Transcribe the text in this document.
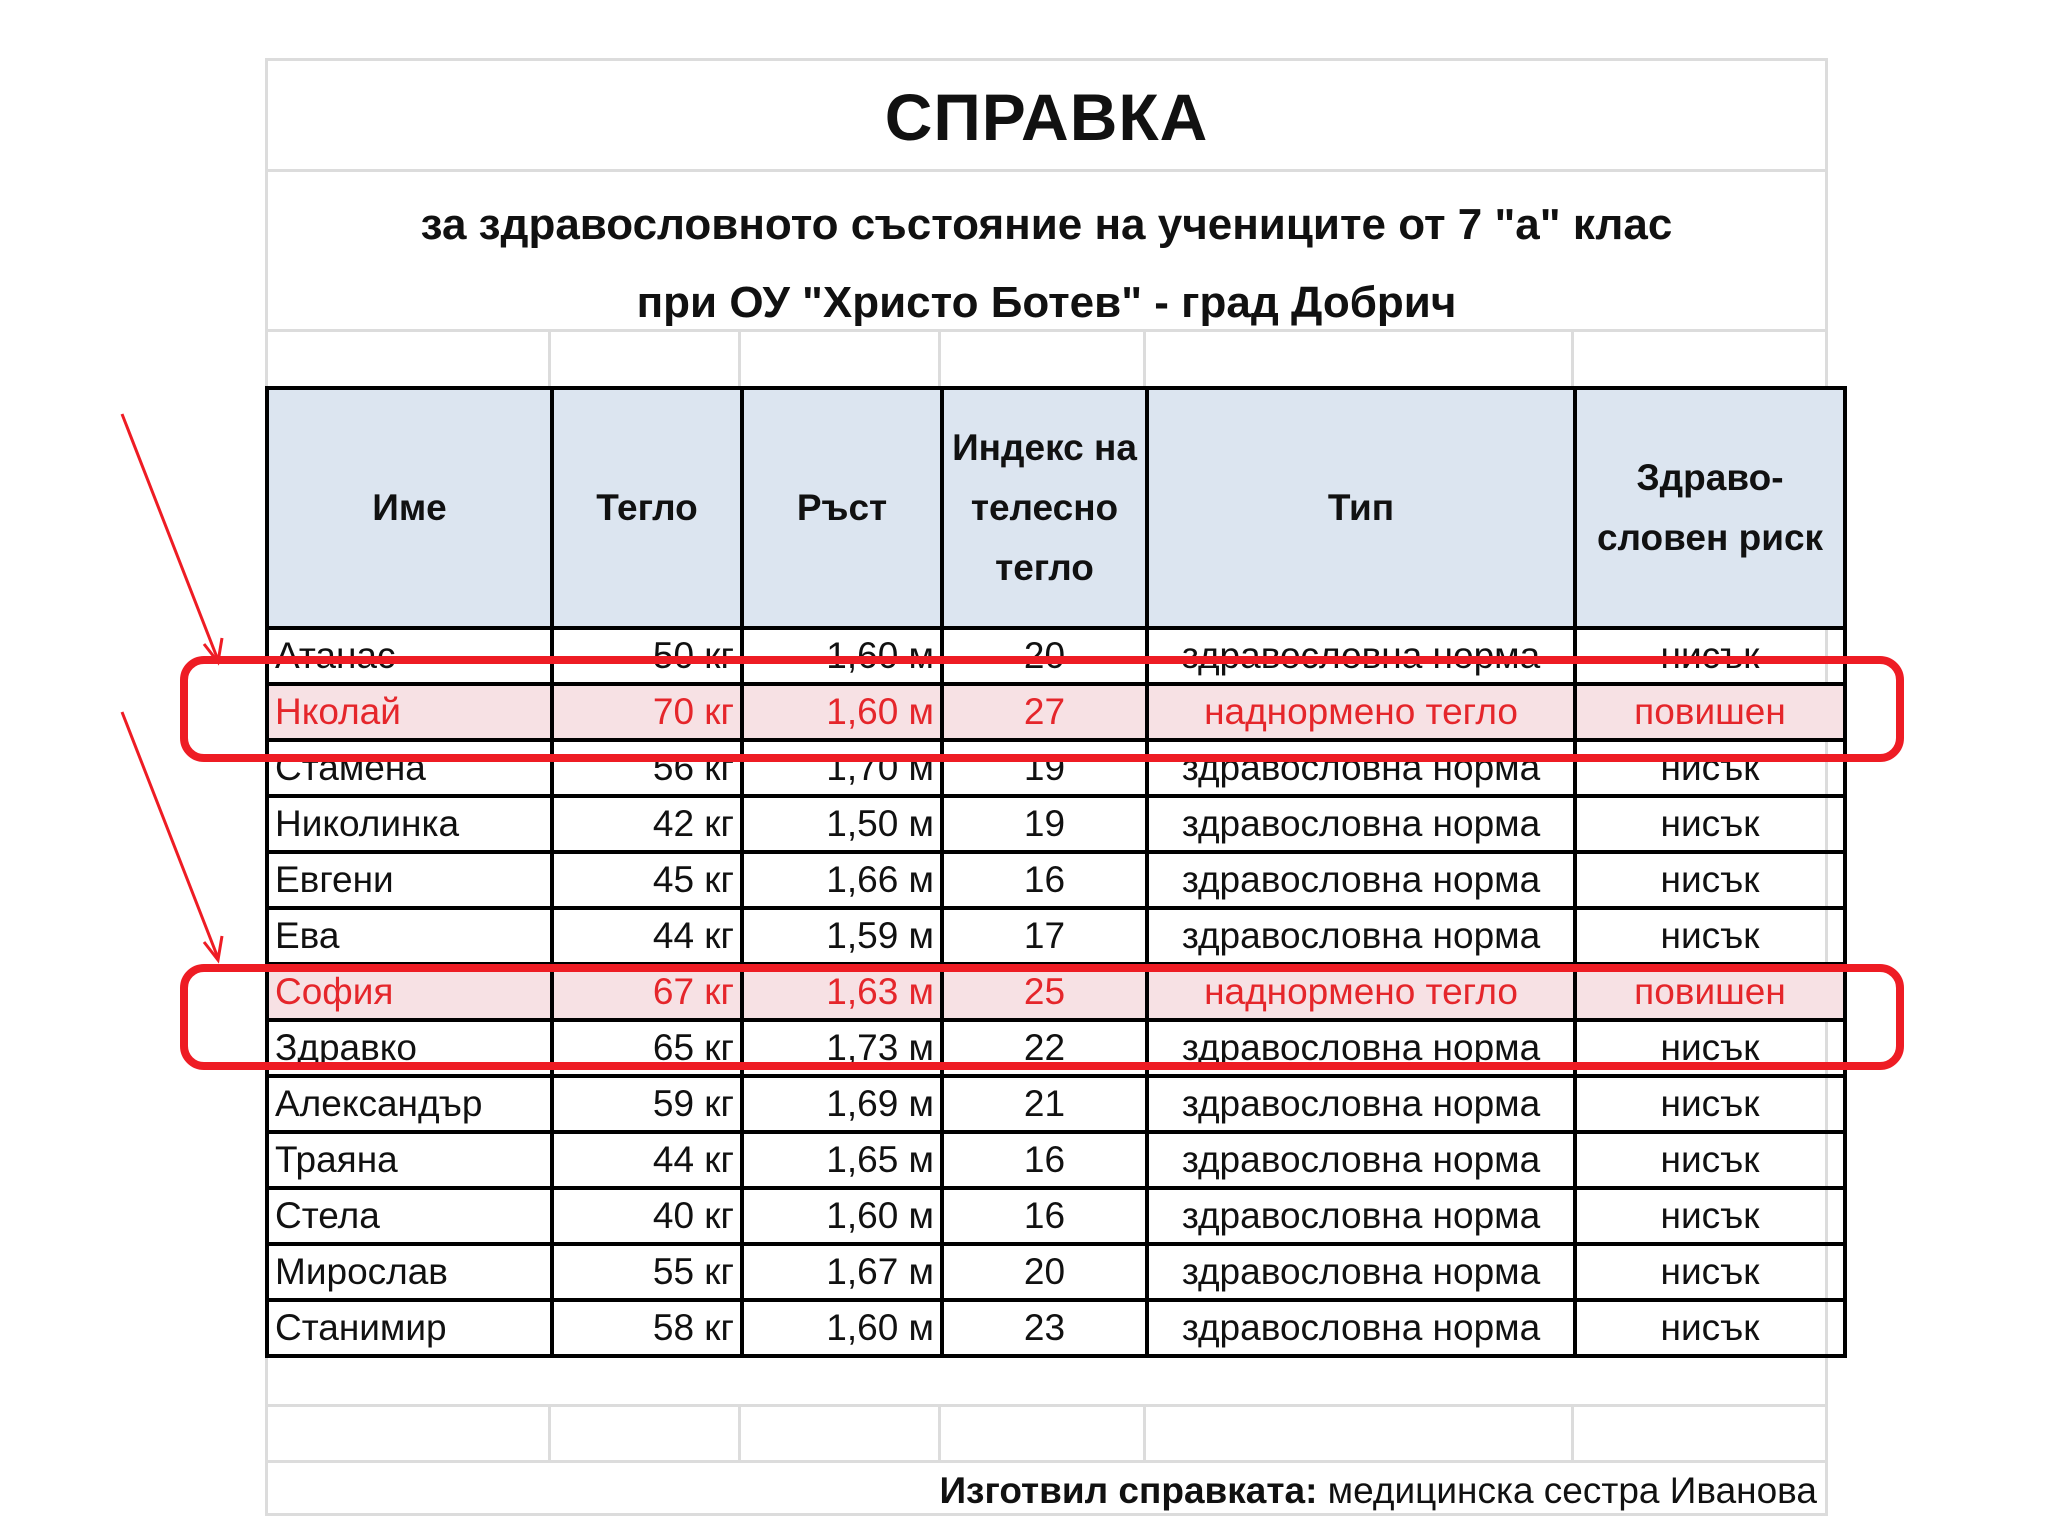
СПРАВКА
за здравословното състояние на учениците от 7 "а" клас
при ОУ "Христо Ботев" - град Добрич
Изготвил справката: медицинска сестра Иванова
Име	Тегло	Ръст	Индекс на телесно тегло	Тип	Здраво- словен риск
Атанас	50 кг	1,60 м	20	здравословна норма	нисък
Нколай	70 кг	1,60 м	27	наднормено тегло	повишен
Стамена	56 кг	1,70 м	19	здравословна норма	нисък
Николинка	42 кг	1,50 м	19	здравословна норма	нисък
Евгени	45 кг	1,66 м	16	здравословна норма	нисък
Ева	44 кг	1,59 м	17	здравословна норма	нисък
София	67 кг	1,63 м	25	наднормено тегло	повишен
Здравко	65 кг	1,73 м	22	здравословна норма	нисък
Александър	59 кг	1,69 м	21	здравословна норма	нисък
Траяна	44 кг	1,65 м	16	здравословна норма	нисък
Стела	40 кг	1,60 м	16	здравословна норма	нисък
Мирослав	55 кг	1,67 м	20	здравословна норма	нисък
Станимир	58 кг	1,60 м	23	здравословна норма	нисък
